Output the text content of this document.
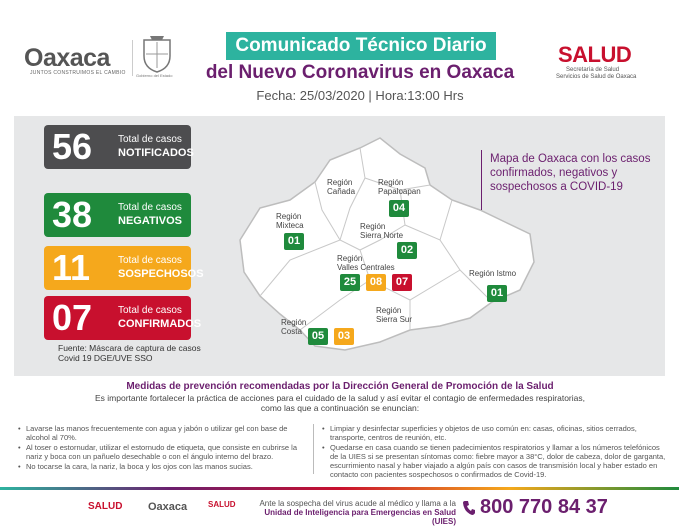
Oaxaca
JUNTOS CONSTRUIMOS EL CAMBIO	Gobierno del Estado
Comunicado Técnico Diario
del Nuevo Coronavirus en Oaxaca
Fecha: 25/03/2020 | Hora:13:00 Hrs
SALUD
Secretaría de Salud
Servicios de Salud de Oaxaca
56	Total de casos
NOTIFICADOS
38	Total de casos
NEGATIVOS
11	Total de casos
SOSPECHOSOS
07	Total de casos
CONFIRMADOS
Fuente: Máscara de captura de casos Covid 19 DGE/UVE SSO
Región
Cañada
Región
Papaloapan
04
Región
Mixteca
01
Región
Sierra Norte
02
Región
Valles Centrales
25	08	07
Región Istmo
01
Región
Costa 05	03
Región
Sierra Sur
Mapa de Oaxaca con los casos confirmados, negativos y sospechosos a COVID-19
Medidas de prevención recomendadas por la Dirección General de Promoción de la Salud
Es importante fortalecer la práctica de acciones para el cuidado de la salud y así evitar el contagio de enfermedades respiratorias, como las que a continuación se enuncian:
• Lavarse las manos frecuentemente con agua y jabón o utilizar gel con base de alcohol al 70%.
• Al toser o estornudar, utilizar el estornudo de etiqueta, que consiste en cubrirse la nariz y boca con un pañuelo desechable o con el ángulo interno del brazo.
• No tocarse la cara, la nariz, la boca y los ojos con las manos sucias.
• Limpiar y desinfectar superficies y objetos de uso común en: casas, oficinas, sitios cerrados, transporte, centros de reunión, etc.
• Quedarse en casa cuando se tienen padecimientos respiratorios y llamar a los números telefónicos de la UIES si se presentan síntomas como: fiebre mayor a 38°C, dolor de cabeza, dolor de garganta, escurrimiento nasal y haber viajado a algún país con casos de transmisión local y haber estado en contacto con pacientes sospechosos o confirmados de Covid-19.
SALUD Oaxaca	SALUD	Ante la sospecha del virus acude al médico y llama a la
Unidad de Inteligencia para Emergencias en Salud (UIES)
800 770 84 37
